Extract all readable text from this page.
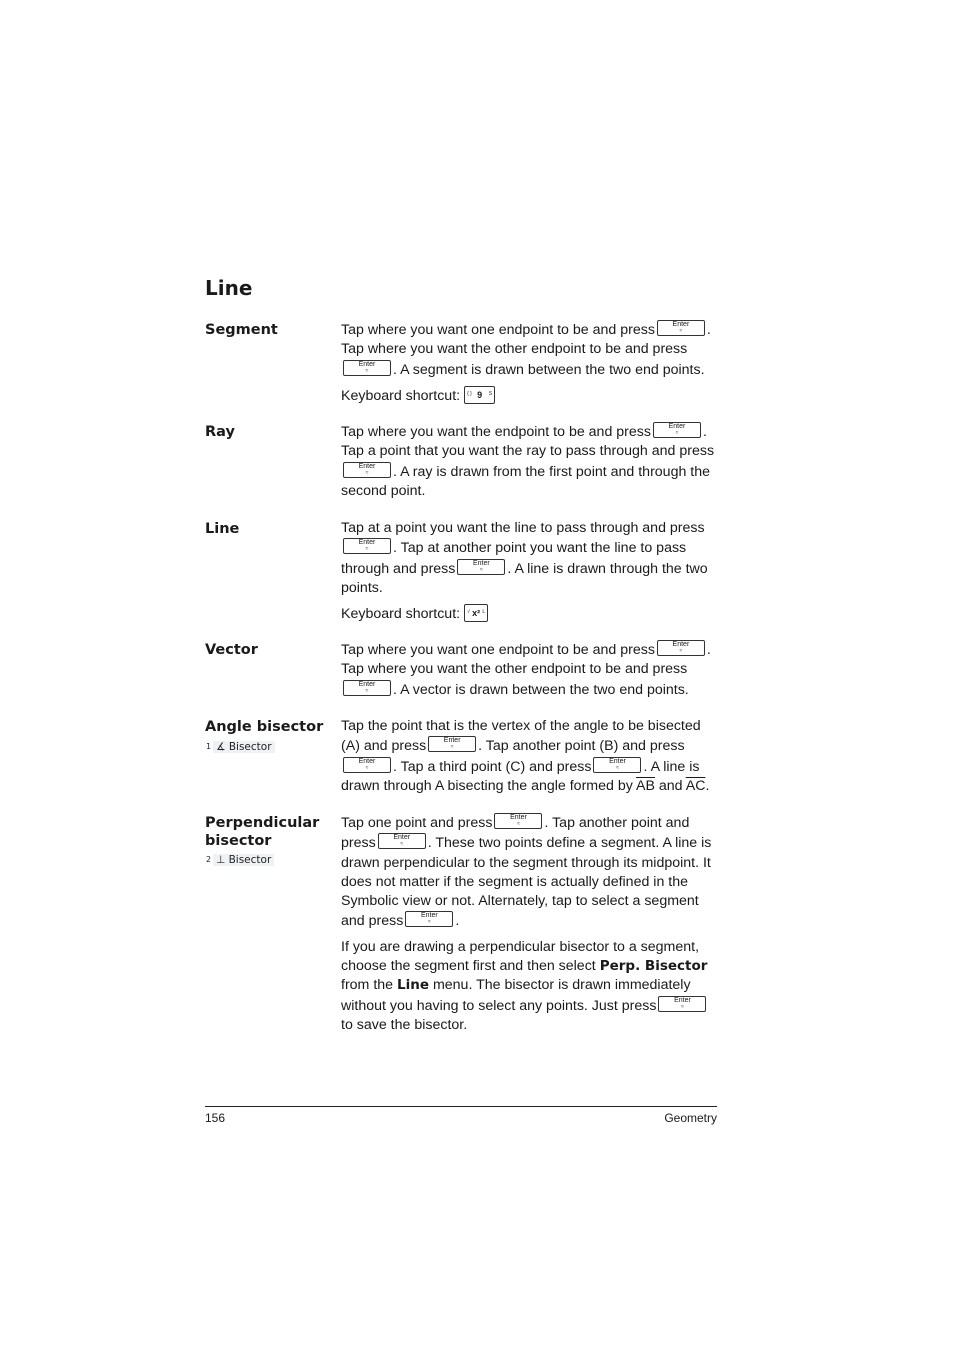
Line
Segment	Tap where you want one endpoint to be and press	Enter
≈	. Tap where you want the other endpoint to be and press
Enter
≈	. A segment is drawn between the two end points.

Keyboard shortcut:	9
{ }	S

Ray	Tap where you want the endpoint to be and press	Enter
≈	. Tap a point that you want the ray to pass through and press
Enter
≈	. A ray is drawn from the first point and through the second point.

Line	Tap at a point you want the line to pass through and press
Enter
≈	. Tap at another point you want the line to pass through and press	Enter
≈	. A line is drawn through the two points.

Keyboard shortcut:	x²
√ L

Vector	Tap where you want one endpoint to be and press	Enter
≈	. Tap where you want the other endpoint to be and press
Enter
≈	. A vector is drawn between the two end points.

Angle bisector
1 ∡ Bisector

Tap the point that is the vertex of the angle to be bisected (A) and press	Enter
≈	. Tap another point (B) and press
Enter
≈	. Tap a third point (C) and press	Enter
≈	. A line is drawn through A bisecting the angle formed by $\overline{AB}$ and $\overline{AC}$.

Perpendicular bisector
2 ⊥ Bisector

Tap one point and press	Enter
≈	. Tap another point and press	Enter
≈	. These two points define a segment. A line is drawn perpendicular to the segment through its midpoint. It does not matter if the segment is actually defined in the Symbolic view or not. Alternately, tap to select a segment and press	Enter
≈	.

If you are drawing a perpendicular bisector to a segment, choose the segment first and then select Perp. Bisector from the Line menu. The bisector is drawn immediately without you having to select any points. Just press	Enter
≈
to save the bisector.

156	Geometry
